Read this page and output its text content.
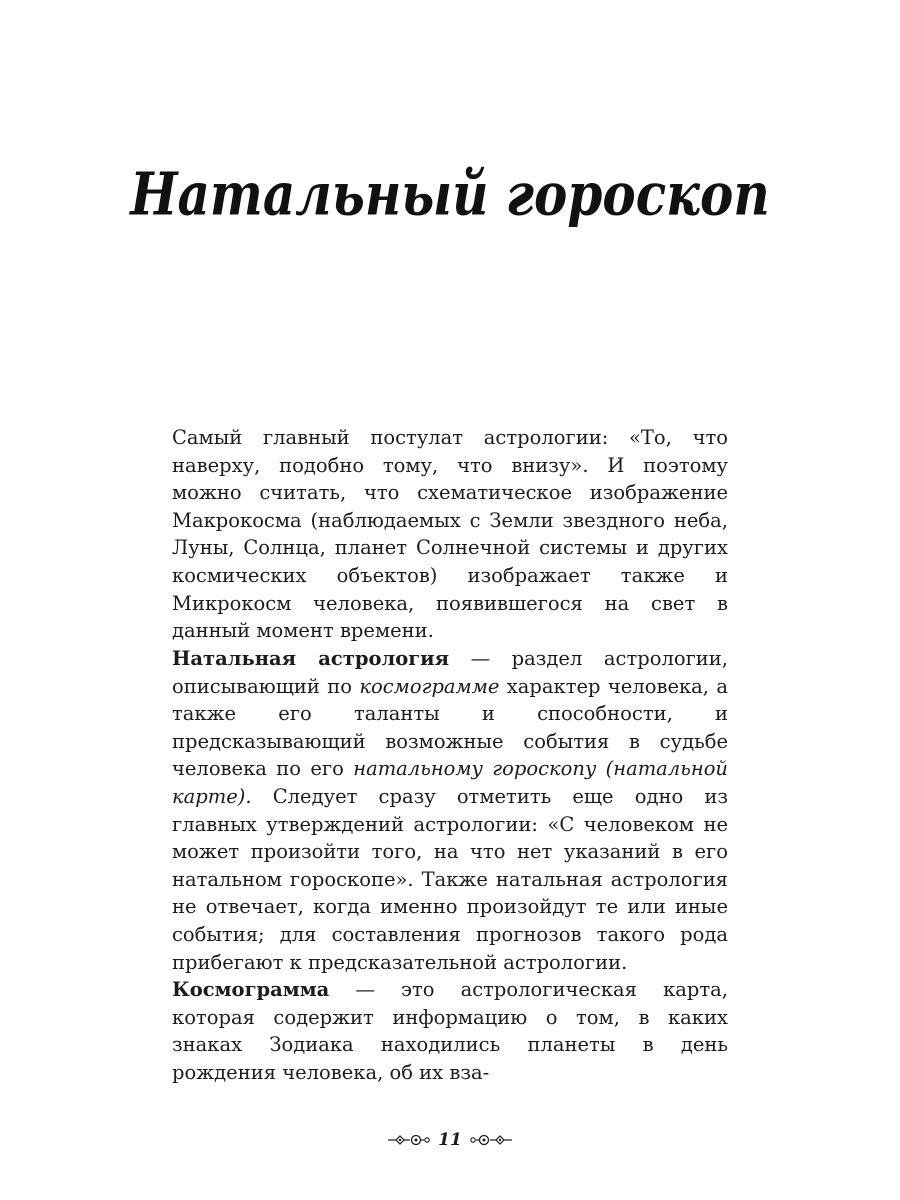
Натальный гороскоп

Самый главный постулат астрологии: «То, что наверху, подобно тому, что внизу». И поэтому можно считать, что схематическое изображение Макрокосма (наблюдаемых с Земли звездного неба, Луны, Солнца, планет Солнечной системы и других космических объектов) изображает также и Микрокосм человека, появившегося на свет в данный момент времени.

Натальная астрология — раздел астрологии, описывающий по космограмме характер человека, а также его таланты и способности, и предсказывающий возможные события в судьбе человека по его натальному гороскопу (натальной карте). Следует сразу отметить еще одно из главных утверждений астрологии: «С человеком не может произойти того, на что нет указаний в его натальном гороскопе». Также натальная астрология не отвечает, когда именно произойдут те или иные события; для составления прогнозов такого рода прибегают к предсказательной астрологии.

Космограмма — это астрологическая карта, которая содержит информацию о том, в каких знаках Зодиака находились планеты в день рождения человека, об их вза-

11
